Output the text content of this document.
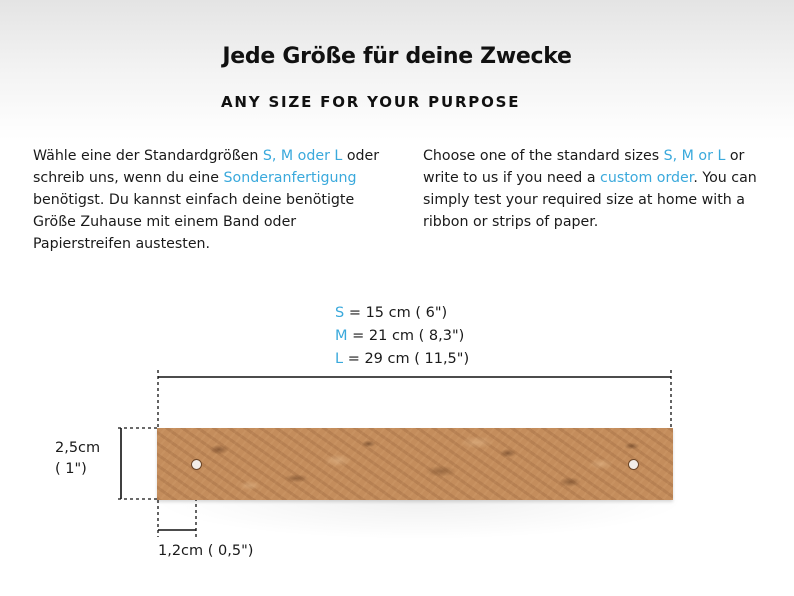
Jede Größe für deine Zwecke
ANY SIZE FOR YOUR PURPOSE
Wähle eine der Standardgrößen S, M oder L oder schreib uns, wenn du eine Sonderanfertigung benötigst. Du kannst einfach deine benötigte Größe Zuhause mit einem Band oder Papierstreifen austesten.
Choose one of the standard sizes S, M or L or write to us if you need a custom order. You can simply test your required size at home with a ribbon or strips of paper.
S = 15 cm ( 6")
M = 21 cm ( 8,3")
L = 29 cm ( 11,5")
2,5cm
( 1")
1,2cm ( 0,5")
